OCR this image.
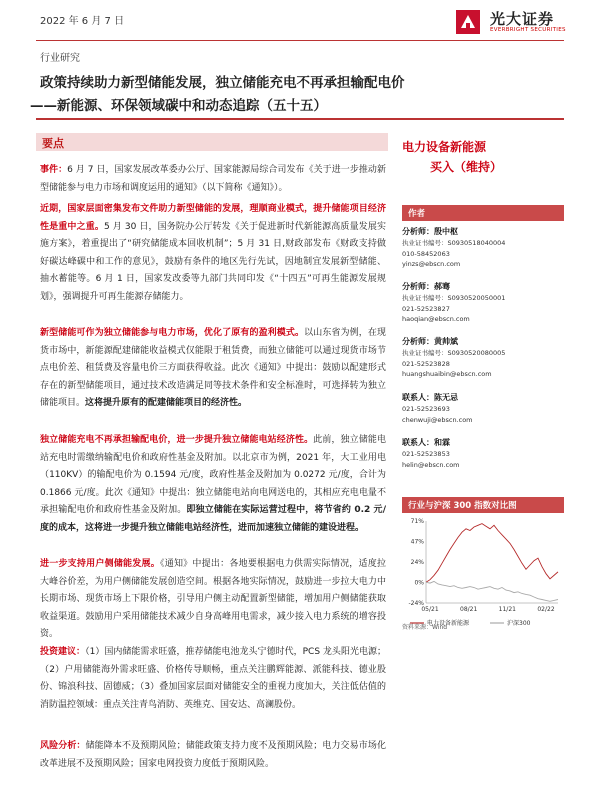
2022 年 6 月 7 日	光大证券
EVERBRIGHT SECURITIES
行业研究
政策持续助力新型储能发展，独立储能充电不再承担输配电价
——新能源、环保领域碳中和动态追踪（五十五）
要点
事件：6 月 7 日，国家发展改革委办公厅、国家能源局综合司发布《关于进一步推动新型储能参与电力市场和调度运用的通知》（以下简称《通知》）。
近期，国家层面密集发布文件助力新型储能的发展，理顺商业模式，提升储能项目经济性是重中之重。5 月 30 日，国务院办公厅转发《关于促进新时代新能源高质量发展实施方案》，着重提出了“研究储能成本回收机制”；5 月 31 日,财政部发布《财政支持做好碳达峰碳中和工作的意见》，鼓励有条件的地区先行先试，因地制宜发展新型储能、抽水蓄能等。6 月 1 日，国家发改委等九部门共同印发《“十四五”可再生能源发展规划》，强调提升可再生能源存储能力。
新型储能可作为独立储能参与电力市场，优化了原有的盈利模式。以山东省为例，在现货市场中，新能源配建储能收益模式仅能限于租赁费，而独立储能可以通过现货市场节点电价差、租赁费及容量电价三方面获得收益。此次《通知》中提出：鼓励以配建形式存在的新型储能项目，通过技术改造满足同等技术条件和安全标准时，可选择转为独立储能项目。这将提升原有的配建储能项目的经济性。
独立储能充电不再承担输配电价，进一步提升独立储能电站经济性。此前，独立储能电站充电时需缴纳输配电价和政府性基金及附加。以北京市为例，2021 年，大工业用电（110KV）的输配电价为 0.1594 元/度，政府性基金及附加为 0.0272 元/度，合计为 0.1866 元/度。此次《通知》中提出：独立储能电站向电网送电的，其相应充电电量不承担输配电价和政府性基金及附加。即独立储能在实际运营过程中，将节省约 0.2 元/度的成本，这将进一步提升独立储能电站经济性，进而加速独立储能的建设进程。
进一步支持用户侧储能发展。《通知》中提出：各地要根据电力供需实际情况，适度拉大峰谷价差，为用户侧储能发展创造空间。根据各地实际情况，鼓励进一步拉大电力中长期市场、现货市场上下限价格，引导用户侧主动配置新型储能，增加用户侧储能获取收益渠道。鼓励用户采用储能技术减少自身高峰用电需求，减少接入电力系统的增容投资。
投资建议：（1）国内储能需求旺盛，推荐储能电池龙头宁德时代，PCS 龙头阳光电源；（2）户用储能海外需求旺盛、价格传导顺畅，重点关注鹏辉能源、派能科技、德业股份、锦浪科技、固德威；（3）叠加国家层面对储能安全的重视力度加大，关注低估值的消防温控领域：重点关注青鸟消防、英维克、国安达、高澜股份。
风险分析：储能降本不及预期风险；储能政策支持力度不及预期风险；电力交易市场化改革进展不及预期风险；国家电网投资力度低于预期风险。
电力设备新能源
买入（维持）
作者
分析师：殷中枢
执业证书编号：S0930518040004
010-58452063
yinzs@ebscn.com
分析师：郝骞
执业证书编号：S0930520050001
021-52523827
haoqian@ebscn.com
分析师：黄帅斌
执业证书编号：S0930520080005
021-52523828
huangshuaibin@ebscn.com
联系人：陈无忌
021-52523693
chenwuji@ebscn.com
联系人：和霖
021-52523853
helin@ebscn.com
行业与沪深 300 指数对比图
71%
47%
24%
0%
-24%
05/21	08/21	11/21	02/22
电力设备新能源	沪深300
资料来源：Wind
